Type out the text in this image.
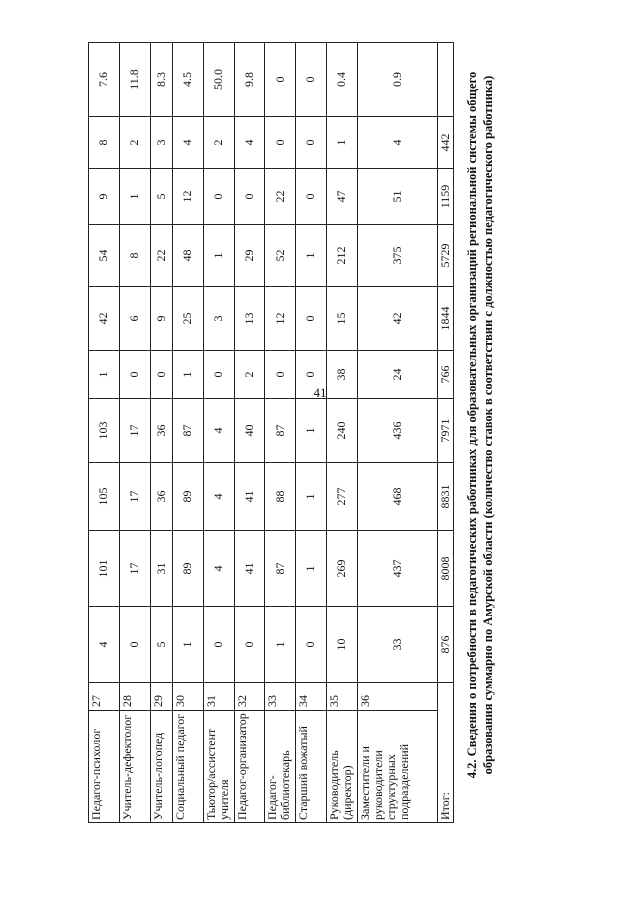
41
Педагог-психолог	27	4	101	105	103	1	42	54	9	8	7.6
Учитель-дефектолог	28	0	17	17	17	0	6	8	1	2	11.8
Учитель-логопед	29	5	31	36	36	0	9	22	5	3	8.3
Социальный педагог	30	1	89	89	87	1	25	48	12	4	4.5
Тьютор/ассистент учителя	31	0	4	4	4	0	3	1	0	2	50.0
Педагог-организатор	32	0	41	41	40	2	13	29	0	4	9.8
Педагог-библиотекарь	33	1	87	88	87	0	12	52	22	0	0
Старший вожатый	34	0	1	1	1	0	0	1	0	0	0
Руководитель (директор)	35	10	269	277	240	38	15	212	47	1	0.4
Заместители и руководители структурных подразделений	36	33	437	468	436	24	42	375	51	4	0.9
Итог:		876	8008	8831	7971	766	1844	5729	1159	442	4.2. Сведения о потребности в педагогических работниках для образовательных организаций региональной системы общего образования суммарно по Амурской области (количество ставок в соответствии с должностью педагогического работника)
